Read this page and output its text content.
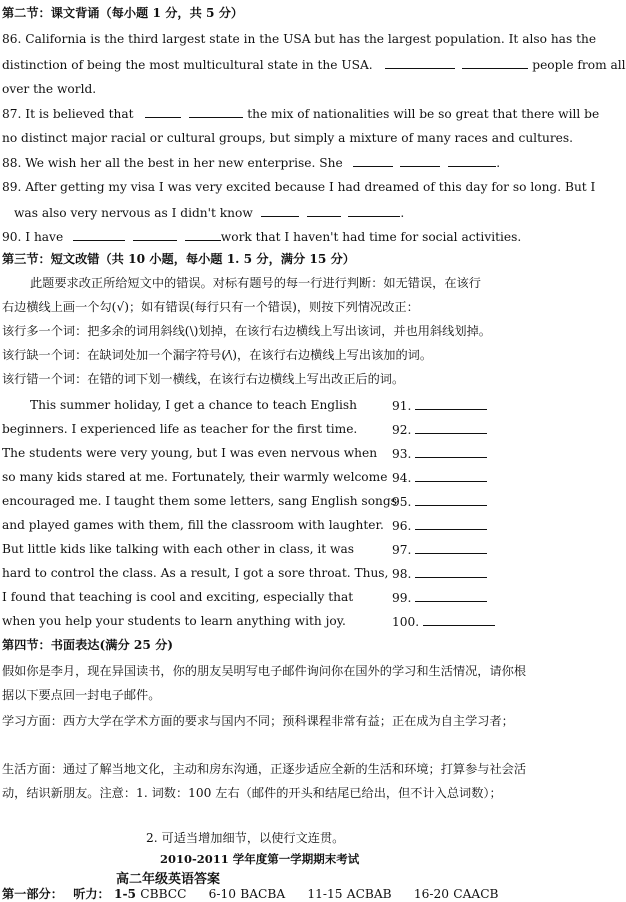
第二节：课文背诵（每小题 1 分，共 5 分）
86. California is the third largest state in the USA but has the largest population. It also has the
distinction of being the most multicultural state in the USA.	people from all
over the world.
87. It is believed that	the mix of nationalities will be so great that there will be
no distinct major racial or cultural groups, but simply a mixture of many races and cultures.
88. We wish her all the best in her new enterprise. She	.
89. After getting my visa I was very excited because I had dreamed of this day for so long. But I
was also very nervous as I didn't know	.
90. I have	work that I haven't had time for social activities.
第三节：短文改错（共 10 小题，每小题 1. 5 分，满分 15 分）
此题要求改正所给短文中的错误。对标有题号的每一行进行判断：如无错误，在该行
右边横线上画一个勾(√)；如有错误(每行只有一个错误)，则按下列情况改正：
该行多一个词：把多余的词用斜线(\)划掉，在该行右边横线上写出该词，并也用斜线划掉。
该行缺一个词：在缺词处加一个漏字符号(⁄\)，在该行右边横线上写出该加的词。
该行错一个词：在错的词下划一横线，在该行右边横线上写出改正后的词。
This summer holiday, I get a chance to teach English	91.
beginners. I experienced life as teacher for the first time.	92.
The students were very young, but I was even nervous when 93.
so many kids stared at me. Fortunately, their warmly welcome 94.
encouraged me. I taught them some letters, sang English songs
95.
and played games with them, fill the classroom with laughter. 96.
But little kids like talking with each other in class, it was	97.
hard to control the class. As a result, I got a sore throat. Thus, 98.
I found that teaching is cool and exciting, especially that	99.
when you help your students to learn anything with joy.	100.
第四节：书面表达(满分 25 分)
假如你是李月，现在异国读书，你的朋友吴明写电子邮件询问你在国外的学习和生活情况，请你根据以下要点回一封电子邮件。
学习方面：西方大学在学术方面的要求与国内不同；预科课程非常有益；正在成为自主学习者；
生活方面：通过了解当地文化，主动和房东沟通，正逐步适应全新的生活和环境；打算参与社会活动，结识新朋友。注意：1. 词数：100 左右（邮件的开头和结尾已给出，但不计入总词数）；
2. 可适当增加细节，以使行文连贯。
2010-2011 学年度第一学期期末考试
高二年级英语答案
第一部分： 听力： 1-5 CBBCC 6-10 BACBA 11-15 ACBAB 16-20 CAACB
